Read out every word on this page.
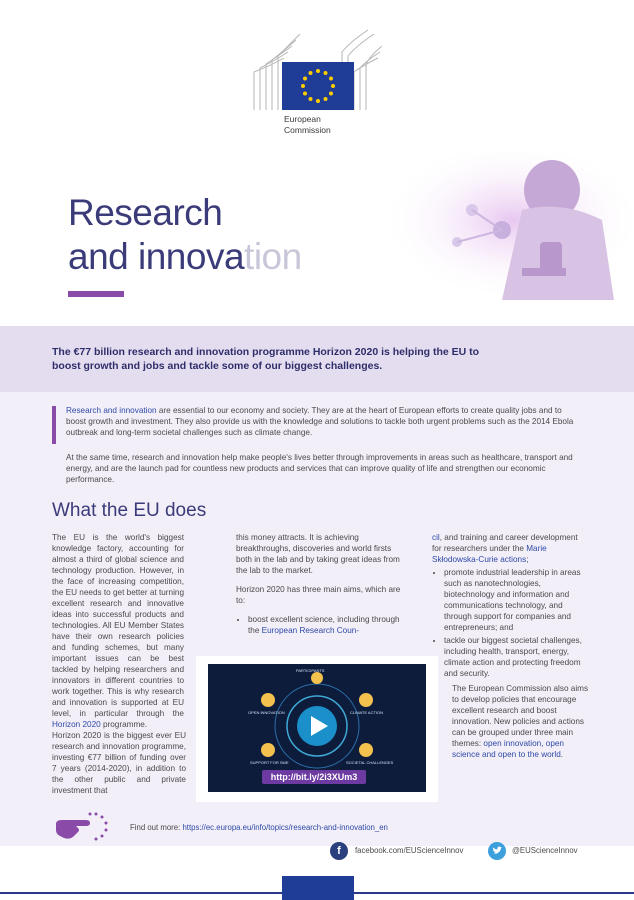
European
Commission
Research
and innovation
The €77 billion research and innovation programme Horizon 2020 is helping the EU to boost growth and jobs and tackle some of our biggest challenges.
Research and innovation are essential to our economy and society. They are at the heart of European efforts to create quality jobs and to boost growth and investment. They also provide us with the knowledge and solutions to tackle both urgent problems such as the 2014 Ebola outbreak and long-term societal challenges such as climate change.
At the same time, research and innovation help make people's lives better through improvements in areas such as healthcare, transport and energy, and are the launch pad for countless new products and services that can improve quality of life and strengthen our economic performance.
What the EU does

The EU is the world's biggest knowledge factory, accounting for almost a third of global science and technology production. However, in the face of increasing competition, the EU needs to get better at turning excellent research and innovative ideas into successful products and technologies. All EU Member States have their own research policies and funding schemes, but many important issues can be best tackled by helping researchers and innovators in different countries to work together. This is why research and innovation is supported at EU level, in particular through the Horizon 2020 programme.

Horizon 2020 is the biggest ever EU research and innovation programme, investing €77 billion of funding over 7 years (2014-2020), in addition to the other public and private investment that

this money attracts. It is achieving breakthroughs, discoveries and world firsts both in the lab and by taking great ideas from the lab to the market.

Horizon 2020 has three main aims, which are to:

• boost excellent science, including through the European Research Coun-

cil, and training and career development for researchers under the Marie Skłodowska-Curie actions;

• promote industrial leadership in areas such as nanotechnologies, biotechnology and information and communications technology, and through support for companies and entrepreneurs; and
• tackle our biggest societal challenges, including health, transport, energy, climate action and protecting freedom and security.

The European Commission also aims to develop policies that encourage excellent research and boost innovation. New policies and actions can be grouped under three main themes: open innovation, open science and open to the world.

PARTICIPANTS
OPEN INNOVATION	CLIMATE ACTION
SUPPORT FOR SME	SOCIETAL CHALLENGES
http://bit.ly/2i3XUm3
Find out more: https://ec.europa.eu/info/topics/research-and-innovation_en
f	facebook.com/EUScienceInnov	@EUScienceInnov
